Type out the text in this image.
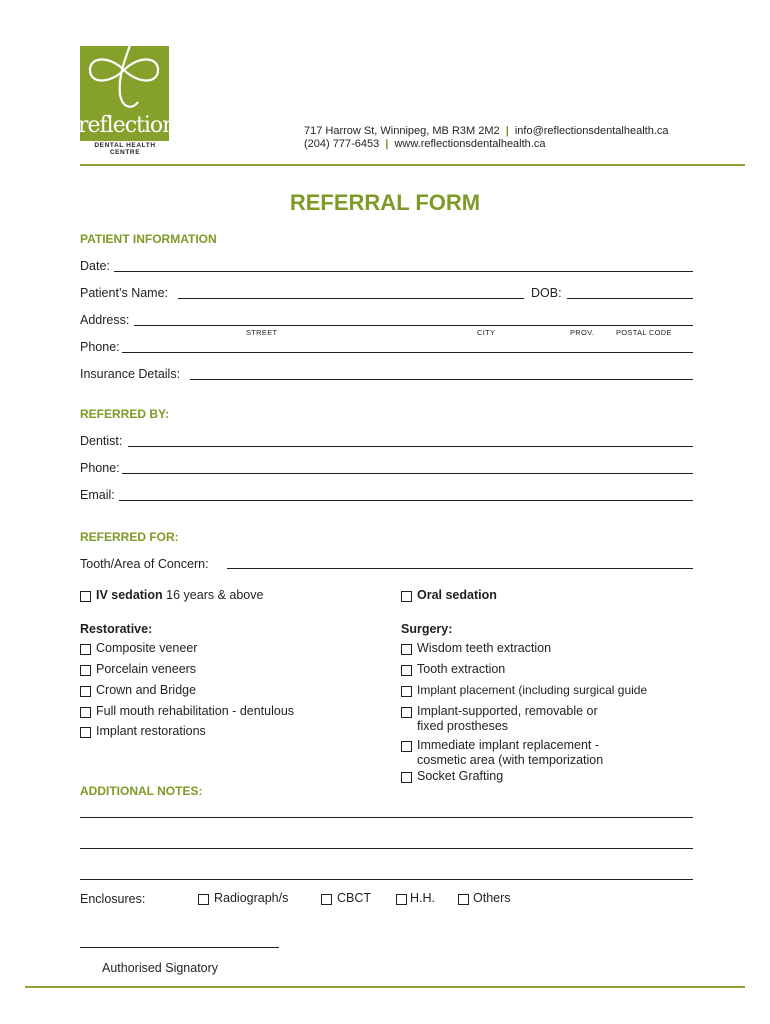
reflections
DENTAL HEALTH CENTRE
717 Harrow St, Winnipeg, MB R3M 2M2 | info@reflectionsdentalhealth.ca
(204) 777-6453 | www.reflectionsdentalhealth.ca
REFERRAL FORM
PATIENT INFORMATION
Date:
Patient’s Name:	DOB:
Address:
STREET	CITY	PROV.	POSTAL CODE
Phone:
Insurance Details:
REFERRED BY:
Dentist:
Phone:
Email:
REFERRED FOR:
Tooth/Area of Concern:
IV sedation 16 years & above	Oral sedation
Restorative:	Surgery:
Composite veneer
Porcelain veneers
Crown and Bridge
Full mouth rehabilitation - dentulous
Implant restorations
Wisdom teeth extraction
Tooth extraction
Implant placement (including surgical guide
Implant-supported, removable or
fixed prostheses
Immediate implant replacement -
cosmetic area (with temporization
Socket Grafting
ADDITIONAL NOTES:
Enclosures:	Radiograph/s	CBCT	H.H.	Others
Authorised Signatory
